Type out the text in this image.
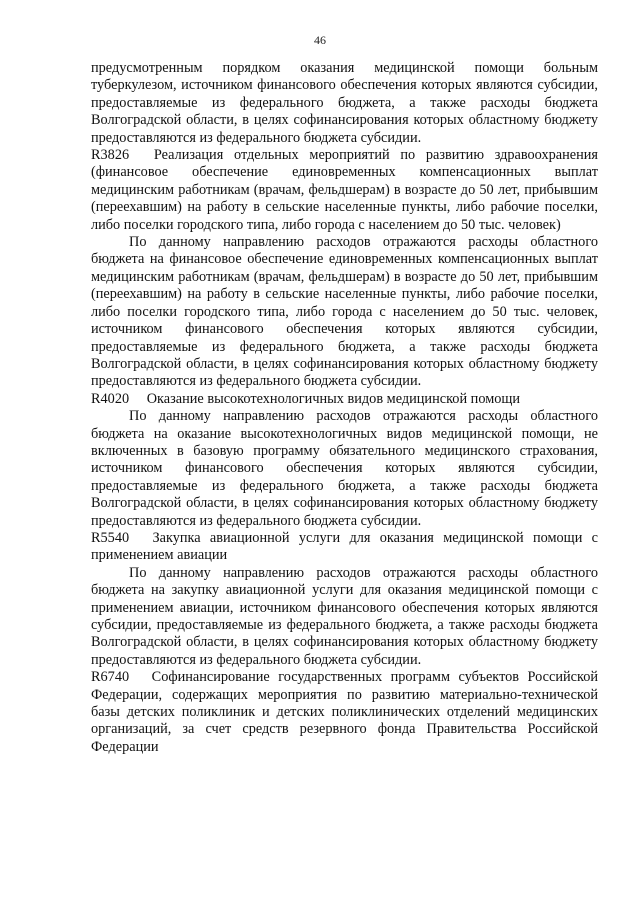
46

предусмотренным порядком оказания медицинской помощи больным туберкулезом, источником финансового обеспечения которых являются субсидии, предоставляемые из федерального бюджета, а также расходы бюджета Волгоградской области, в целях софинансирования которых областному бюджету предоставляются из федерального бюджета субсидии.

R3826 Реализация отдельных мероприятий по развитию здравоохранения (финансовое обеспечение единовременных компенсационных выплат медицинским работникам (врачам, фельдшерам) в возрасте до 50 лет, прибывшим (переехавшим) на работу в сельские населенные пункты, либо рабочие поселки, либо поселки городского типа, либо города с населением до 50 тыс. человек)

По данному направлению расходов отражаются расходы областного бюджета на финансовое обеспечение единовременных компенсационных выплат медицинским работникам (врачам, фельдшерам) в возрасте до 50 лет, прибывшим (переехавшим) на работу в сельские населенные пункты, либо рабочие поселки, либо поселки городского типа, либо города с населением до 50 тыс. человек, источником финансового обеспечения которых являются субсидии, предоставляемые из федерального бюджета, а также расходы бюджета Волгоградской области, в целях софинансирования которых областному бюджету предоставляются из федерального бюджета субсидии.

R4020 Оказание высокотехнологичных видов медицинской помощи

По данному направлению расходов отражаются расходы областного бюджета на оказание высокотехнологичных видов медицинской помощи, не включенных в базовую программу обязательного медицинского страхования, источником финансового обеспечения которых являются субсидии, предоставляемые из федерального бюджета, а также расходы бюджета Волгоградской области, в целях софинансирования которых областному бюджету предоставляются из федерального бюджета субсидии.

R5540 Закупка авиационной услуги для оказания медицинской помощи с применением авиации

По данному направлению расходов отражаются расходы областного бюджета на закупку авиационной услуги для оказания медицинской помощи с применением авиации, источником финансового обеспечения которых являются субсидии, предоставляемые из федерального бюджета, а также расходы бюджета Волгоградской области, в целях софинансирования которых областному бюджету предоставляются из федерального бюджета субсидии.

R6740 Софинансирование государственных программ субъектов Российской Федерации, содержащих мероприятия по развитию материально-технической базы детских поликлиник и детских поликлинических отделений медицинских организаций, за счет средств резервного фонда Правительства Российской Федерации
